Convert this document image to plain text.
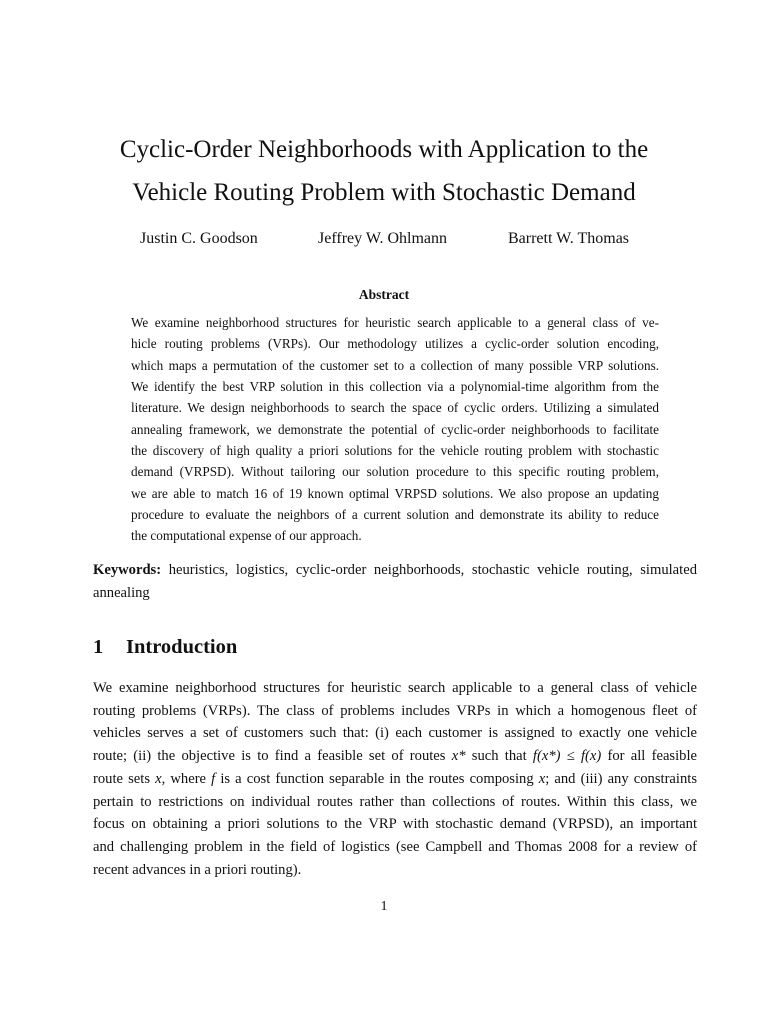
Cyclic-Order Neighborhoods with Application to the
Vehicle Routing Problem with Stochastic Demand
Justin C. Goodson	Jeffrey W. Ohlmann	Barrett W. Thomas
Abstract
We examine neighborhood structures for heuristic search applicable to a general class of ve-
hicle routing problems (VRPs). Our methodology utilizes a cyclic-order solution encoding,
which maps a permutation of the customer set to a collection of many possible VRP solutions.
We identify the best VRP solution in this collection via a polynomial-time algorithm from the
literature. We design neighborhoods to search the space of cyclic orders. Utilizing a simulated
annealing framework, we demonstrate the potential of cyclic-order neighborhoods to facilitate
the discovery of high quality a priori solutions for the vehicle routing problem with stochastic
demand (VRPSD). Without tailoring our solution procedure to this specific routing problem,
we are able to match 16 of 19 known optimal VRPSD solutions. We also propose an updating
procedure to evaluate the neighbors of a current solution and demonstrate its ability to reduce
the computational expense of our approach.
Keywords: heuristics, logistics, cyclic-order neighborhoods, stochastic vehicle routing, simulated
annealing
1 Introduction
We examine neighborhood structures for heuristic search applicable to a general class of vehicle
routing problems (VRPs). The class of problems includes VRPs in which a homogenous fleet of
vehicles serves a set of customers such that: (i) each customer is assigned to exactly one vehicle
route; (ii) the objective is to find a feasible set of routes x* such that f(x*) ≤ f(x) for all feasible
route sets x, where f is a cost function separable in the routes composing x; and (iii) any constraints
pertain to restrictions on individual routes rather than collections of routes. Within this class, we
focus on obtaining a priori solutions to the VRP with stochastic demand (VRPSD), an important
and challenging problem in the field of logistics (see Campbell and Thomas 2008 for a review of
recent advances in a priori routing).
1
